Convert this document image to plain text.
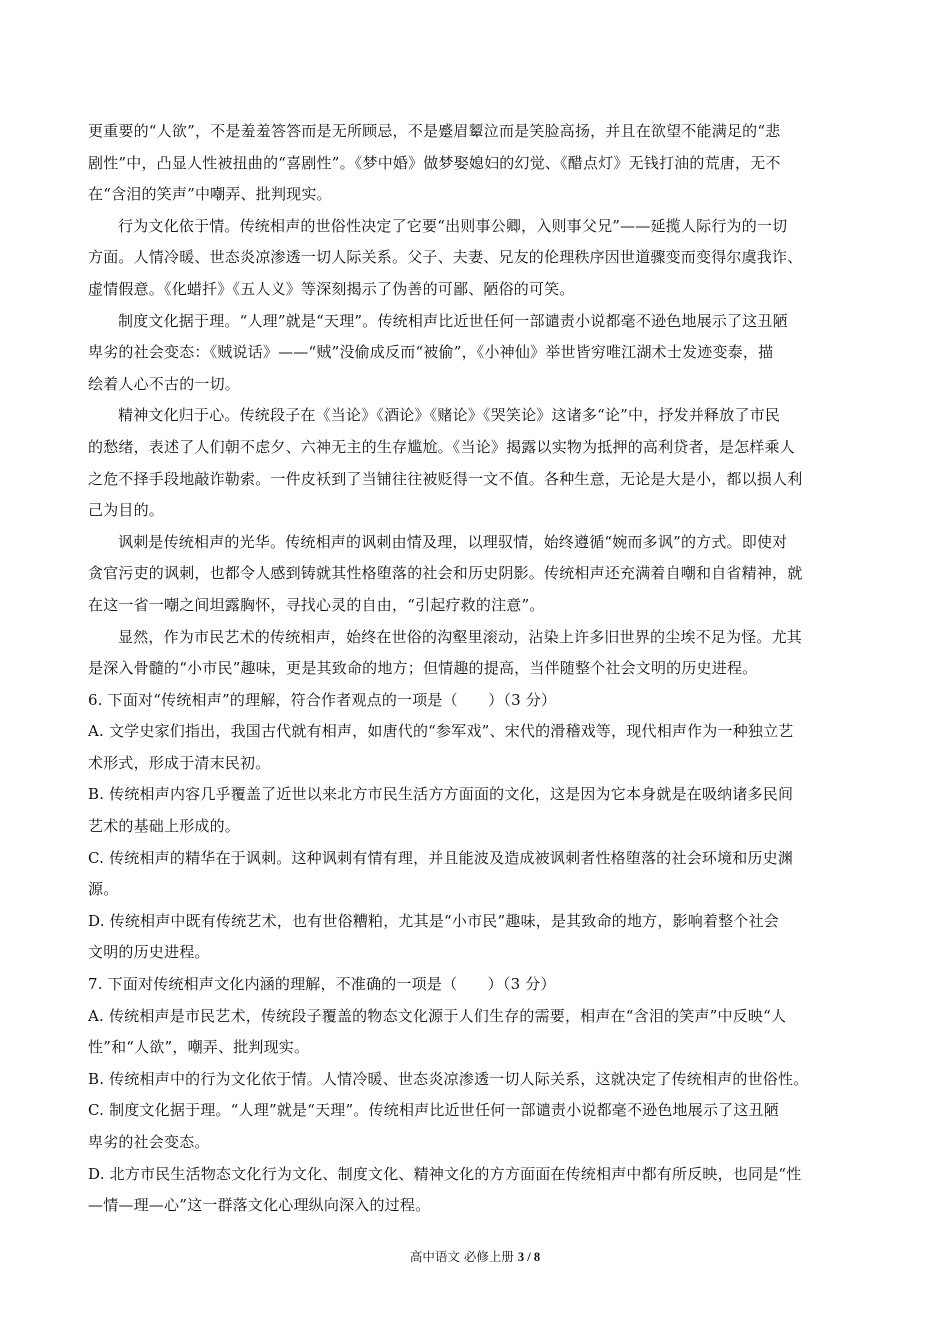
更重要的“人欲”，不是羞羞答答而是无所顾忌，不是蹙眉颦泣而是笑脸高扬，并且在欲望不能满足的“悲
剧性”中，凸显人性被扭曲的“喜剧性”。《梦中婚》做梦娶媳妇的幻觉、《醋点灯》无钱打油的荒唐，无不
在“含泪的笑声”中嘲弄、批判现实。
行为文化依于情。传统相声的世俗性决定了它要“出则事公卿，入则事父兄”——延揽人际行为的一切
方面。人情冷暖、世态炎凉渗透一切人际关系。父子、夫妻、兄友的伦理秩序因世道骤变而变得尔虞我诈、
虚情假意。《化蜡扦》《五人义》等深刻揭示了伪善的可鄙、陋俗的可笑。
制度文化据于理。“人理”就是“天理”。传统相声比近世任何一部谴责小说都毫不逊色地展示了这丑陋
卑劣的社会变态：《贼说话》——“贼”没偷成反而“被偷”，《小神仙》举世皆穷唯江湖术士发迹变泰，描
绘着人心不古的一切。
精神文化归于心。传统段子在《当论》《酒论》《赌论》《哭笑论》这诸多“论”中，抒发并释放了市民
的愁绪，表述了人们朝不虑夕、六神无主的生存尴尬。《当论》揭露以实物为抵押的高利贷者，是怎样乘人
之危不择手段地敲诈勒索。一件皮袄到了当铺往往被贬得一文不值。各种生意，无论是大是小，都以损人利
己为目的。
讽刺是传统相声的光华。传统相声的讽刺由情及理，以理驭情，始终遵循“婉而多讽”的方式。即使对
贪官污吏的讽刺，也都令人感到铸就其性格堕落的社会和历史阴影。传统相声还充满着自嘲和自省精神，就
在这一省一嘲之间坦露胸怀，寻找心灵的自由，“引起疗救的注意”。
显然，作为市民艺术的传统相声，始终在世俗的沟壑里滚动，沾染上许多旧世界的尘埃不足为怪。尤其
是深入骨髓的“小市民”趣味，更是其致命的地方；但情趣的提高，当伴随整个社会文明的历史进程。
6. 下面对“传统相声”的理解，符合作者观点的一项是（　　）（3 分）
A. 文学史家们指出，我国古代就有相声，如唐代的“参军戏”、宋代的滑稽戏等，现代相声作为一种独立艺
术形式，形成于清末民初。
B. 传统相声内容几乎覆盖了近世以来北方市民生活方方面面的文化，这是因为它本身就是在吸纳诸多民间
艺术的基础上形成的。
C. 传统相声的精华在于讽刺。这种讽刺有情有理，并且能波及造成被讽刺者性格堕落的社会环境和历史渊
源。
D. 传统相声中既有传统艺术，也有世俗糟粕，尤其是“小市民”趣味，是其致命的地方，影响着整个社会
文明的历史进程。
7. 下面对传统相声文化内涵的理解，不准确的一项是（　　）（3 分）
A. 传统相声是市民艺术，传统段子覆盖的物态文化源于人们生存的需要，相声在“含泪的笑声”中反映“人
性”和“人欲”，嘲弄、批判现实。
B. 传统相声中的行为文化依于情。人情冷暖、世态炎凉渗透一切人际关系，这就决定了传统相声的世俗性。
C. 制度文化据于理。“人理”就是“天理”。传统相声比近世任何一部谴责小说都毫不逊色地展示了这丑陋
卑劣的社会变态。
D. 北方市民生活物态文化行为文化、制度文化、精神文化的方方面面在传统相声中都有所反映，也同是“性
—情—理—心”这一群落文化心理纵向深入的过程。
高中语文 必修上册 3 / 8
